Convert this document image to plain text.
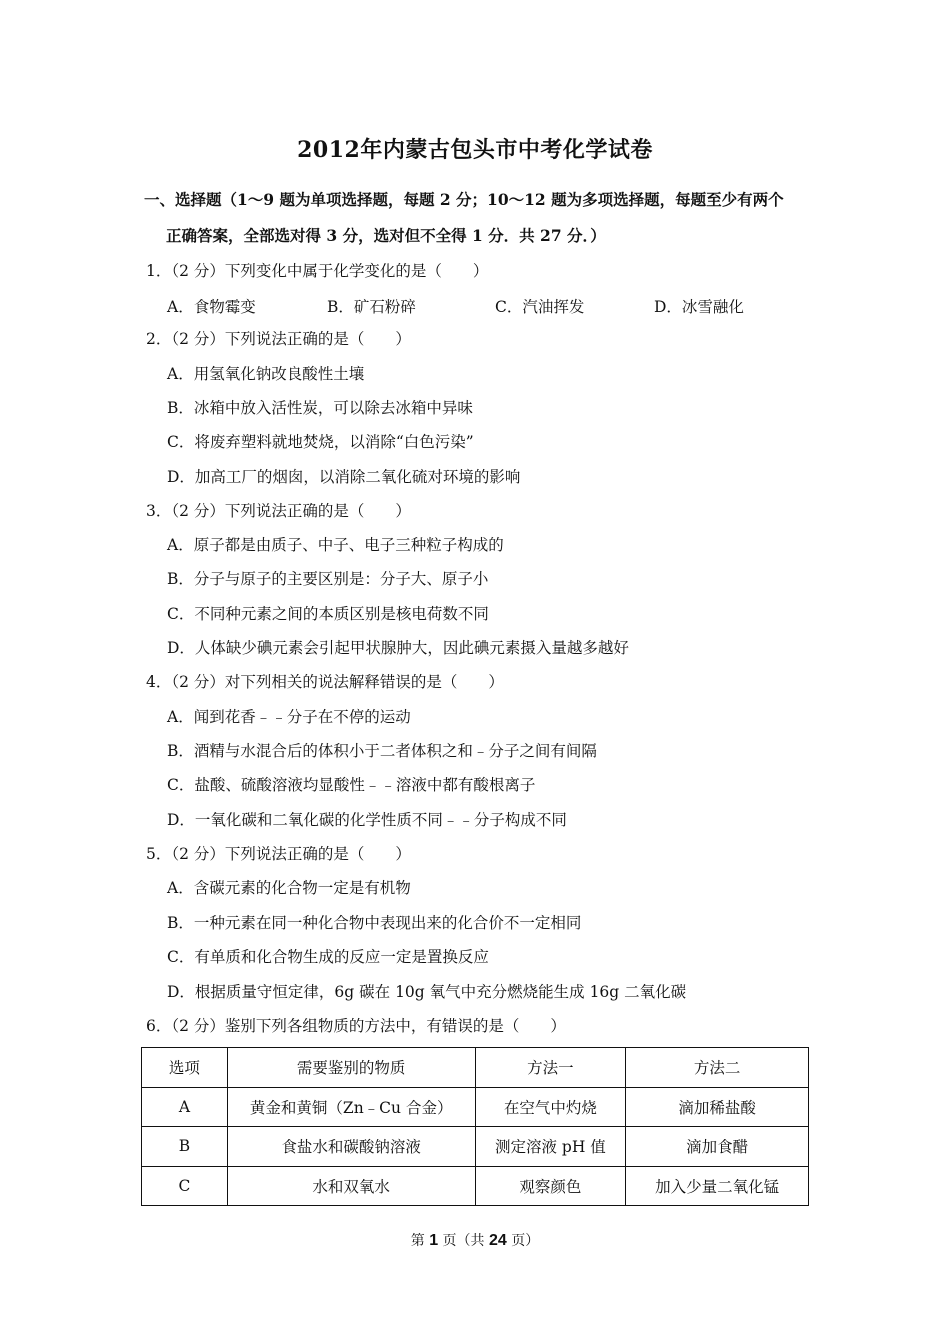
2012年内蒙古包头市中考化学试卷
一、选择题（1～9 题为单项选择题，每题 2 分；10～12 题为多项选择题，每题至少有两个
正确答案，全部选对得 3 分，选对但不全得 1 分．共 27 分．）
1．（2 分）下列变化中属于化学变化的是（　　）
A．食物霉变	B．矿石粉碎	C．汽油挥发	D．冰雪融化
2．（2 分）下列说法正确的是（　　）
A．用氢氧化钠改良酸性土壤
B．冰箱中放入活性炭，可以除去冰箱中异味
C．将废弃塑料就地焚烧，以消除“白色污染”
D．加高工厂的烟囱，以消除二氧化硫对环境的影响
3．（2 分）下列说法正确的是（　　）
A．原子都是由质子、中子、电子三种粒子构成的
B．分子与原子的主要区别是：分子大、原子小
C．不同种元素之间的本质区别是核电荷数不同
D．人体缺少碘元素会引起甲状腺肿大，因此碘元素摄入量越多越好
4．（2 分）对下列相关的说法解释错误的是（　　）
A．闻到花香﹣﹣分子在不停的运动
B．酒精与水混合后的体积小于二者体积之和﹣分子之间有间隔
C．盐酸、硫酸溶液均显酸性﹣﹣溶液中都有酸根离子
D．一氧化碳和二氧化碳的化学性质不同﹣﹣分子构成不同
5．（2 分）下列说法正确的是（　　）
A．含碳元素的化合物一定是有机物
B．一种元素在同一种化合物中表现出来的化合价不一定相同
C．有单质和化合物生成的反应一定是置换反应
D．根据质量守恒定律，6g 碳在 10g 氧气中充分燃烧能生成 16g 二氧化碳
6．（2 分）鉴别下列各组物质的方法中，有错误的是（　　）
选项	需要鉴别的物质	方法一	方法二
A	黄金和黄铜（Zn﹣Cu 合金）	在空气中灼烧	滴加稀盐酸
B	食盐水和碳酸钠溶液	测定溶液 pH 值	滴加食醋
C	水和双氧水	观察颜色	加入少量二氧化锰
第 1 页（共 24 页）
